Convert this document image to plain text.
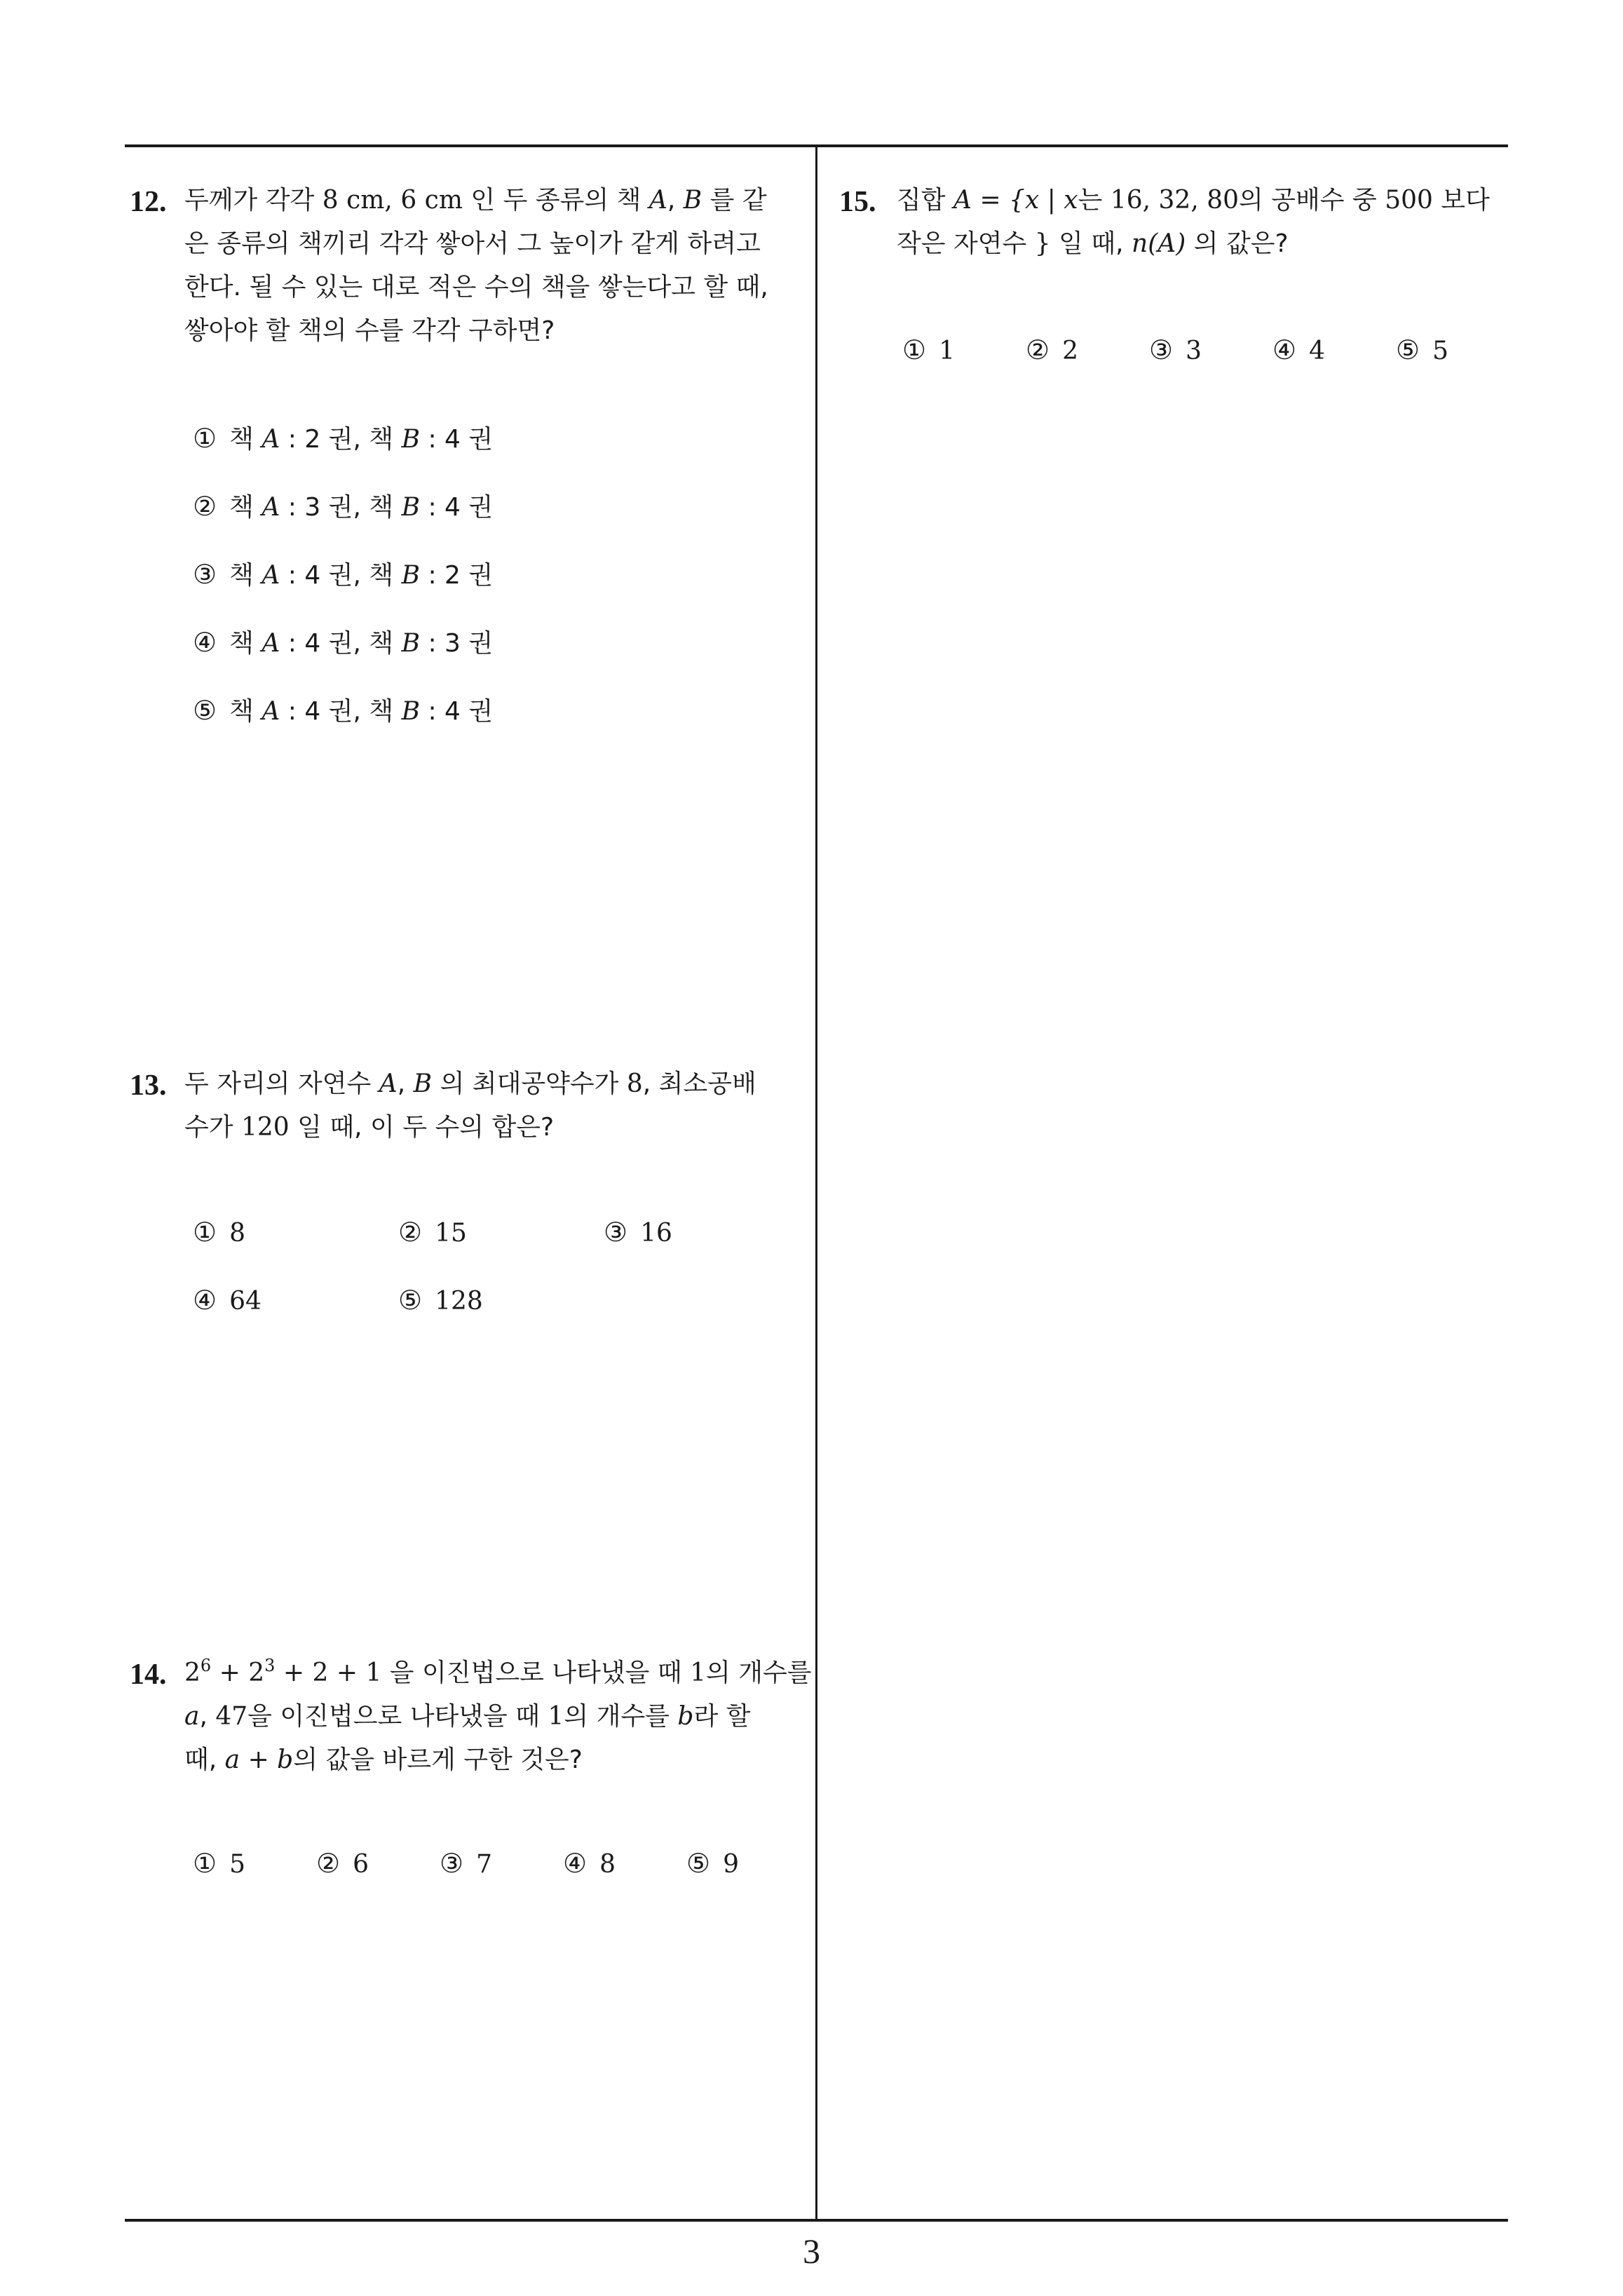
12. 두께가 각각 8 cm, 6 cm 인 두 종류의 책 A, B 를 같
은 종류의 책끼리 각각 쌓아서 그 높이가 같게 하려고
한다. 될 수 있는 대로 적은 수의 책을 쌓는다고 할 때,
쌓아야 할 책의 수를 각각 구하면?
① 책 A : 2 권, 책 B : 4 권
② 책 A : 3 권, 책 B : 4 권
③ 책 A : 4 권, 책 B : 2 권
④ 책 A : 4 권, 책 B : 3 권
⑤ 책 A : 4 권, 책 B : 4 권
13. 두 자리의 자연수 A, B 의 최대공약수가 8, 최소공배
수가 120 일 때, 이 두 수의 합은?
① 8	② 15	③ 16
④ 64	⑤ 128
14. $2^6 + 2^3 + 2 + 1$ 을 이진법으로 나타냈을 때 1의 개수를
a, 47을 이진법으로 나타냈을 때 1의 개수를 b라 할
때, a + b의 값을 바르게 구한 것은?
① 5	② 6	③ 7	④ 8	⑤ 9
15. 집합 A = {x | x는 16, 32, 80의 공배수 중 500 보다
작은 자연수 } 일 때, n(A) 의 값은?
① 1	② 2	③ 3	④ 4	⑤ 5
3
